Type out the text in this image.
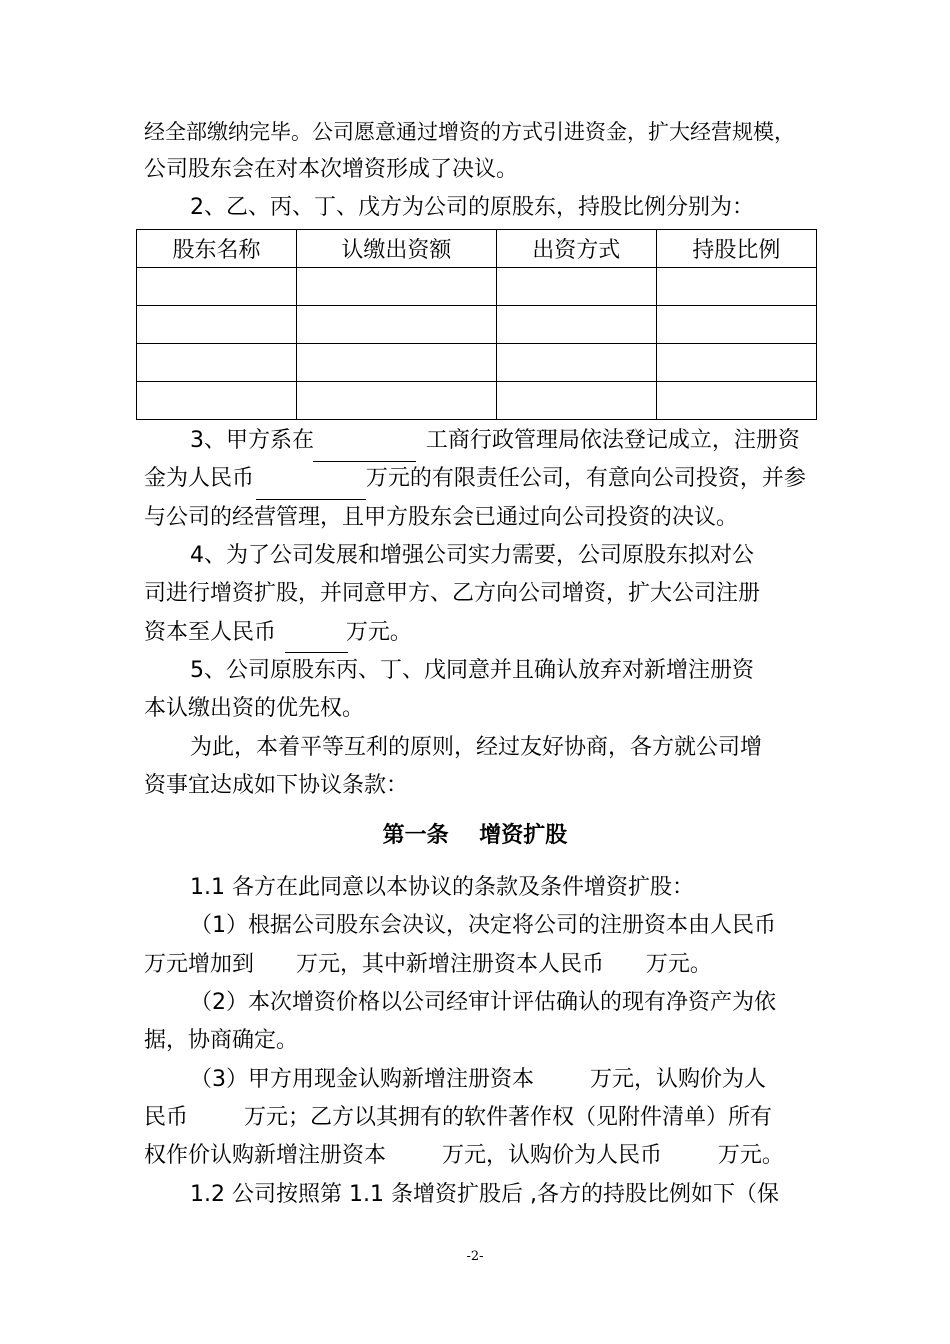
经全部缴纳完毕。公司愿意通过增资的方式引进资金，扩大经营规模，
公司股东会在对本次增资形成了决议。
2、乙、丙、丁、戊方为公司的原股东，持股比例分别为：
股东名称	认缴出资额	出资方式	持股比例

3、甲方系在                工商行政管理局依法登记成立，注册资
金为人民币                万元的有限责任公司，有意向公司投资，并参
与公司的经营管理，且甲方股东会已通过向公司投资的决议。
4、为了公司发展和增强公司实力需要，公司原股东拟对公
司进行增资扩股，并同意甲方、乙方向公司增资，扩大公司注册
资本至人民币          万元。
5、公司原股东丙、丁、戊同意并且确认放弃对新增注册资
本认缴出资的优先权。
为此，本着平等互利的原则，经过友好协商，各方就公司增
资事宜达成如下协议条款：
第一条    增资扩股
1.1 各方在此同意以本协议的条款及条件增资扩股：
（1）根据公司股东会决议，决定将公司的注册资本由人民币
万元增加到      万元，其中新增注册资本人民币      万元。
（2）本次增资价格以公司经审计评估确认的现有净资产为依
据，协商确定。
（3）甲方用现金认购新增注册资本        万元，认购价为人
民币        万元；乙方以其拥有的软件著作权（见附件清单）所有
权作价认购新增注册资本        万元，认购价为人民币        万元。
1.2 公司按照第 1.1 条增资扩股后 ,各方的持股比例如下（保
-2-
